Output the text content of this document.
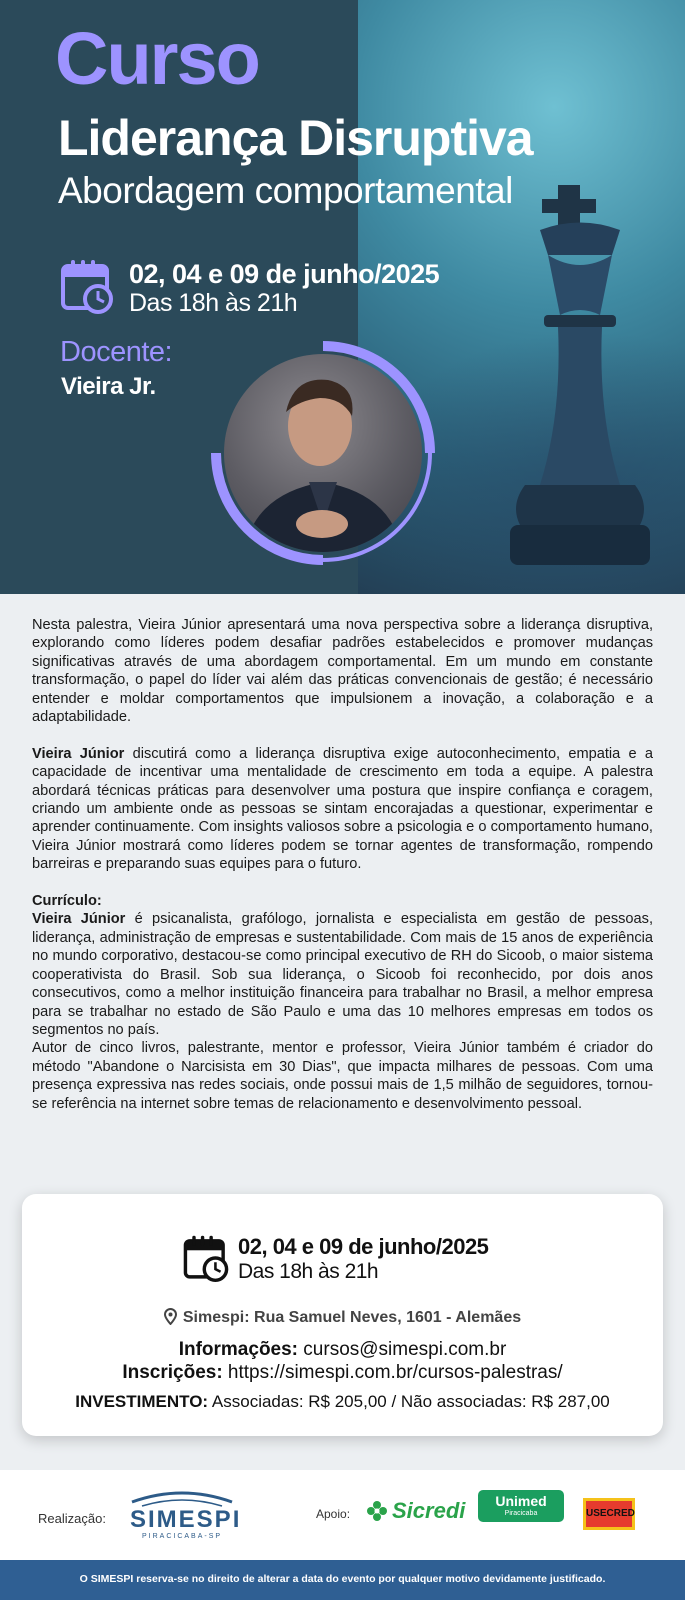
Curso
Liderança Disruptiva
Abordagem comportamental
02, 04 e 09 de junho/2025
Das 18h às 21h
Docente:
Vieira Jr.

Nesta palestra, Vieira Júnior apresentará uma nova perspectiva sobre a liderança disruptiva, explorando como líderes podem desafiar padrões estabelecidos e promover mudanças significativas através de uma abordagem comportamental. Em um mundo em constante transformação, o papel do líder vai além das práticas convencionais de gestão; é necessário entender e moldar comportamentos que impulsionem a inovação, a colaboração e a adaptabilidade.

Vieira Júnior discutirá como a liderança disruptiva exige autoconhecimento, empatia e a capacidade de incentivar uma mentalidade de crescimento em toda a equipe. A palestra abordará técnicas práticas para desenvolver uma postura que inspire confiança e coragem, criando um ambiente onde as pessoas se sintam encorajadas a questionar, experimentar e aprender continuamente. Com insights valiosos sobre a psicologia e o comportamento humano, Vieira Júnior mostrará como líderes podem se tornar agentes de transformação, rompendo barreiras e preparando suas equipes para o futuro.

Currículo:
Vieira Júnior é psicanalista, grafólogo, jornalista e especialista em gestão de pessoas, liderança, administração de empresas e sustentabilidade. Com mais de 15 anos de experiência no mundo corporativo, destacou-se como principal executivo de RH do Sicoob, o maior sistema cooperativista do Brasil. Sob sua liderança, o Sicoob foi reconhecido, por dois anos consecutivos, como a melhor instituição financeira para trabalhar no Brasil, a melhor empresa para se trabalhar no estado de São Paulo e uma das 10 melhores empresas em todos os segmentos no país.
Autor de cinco livros, palestrante, mentor e professor, Vieira Júnior também é criador do método "Abandone o Narcisista em 30 Dias", que impacta milhares de pessoas. Com uma presença expressiva nas redes sociais, onde possui mais de 1,5 milhão de seguidores, tornou-se referência na internet sobre temas de relacionamento e desenvolvimento pessoal.
02, 04 e 09 de junho/2025
Das 18h às 21h
Simespi: Rua Samuel Neves, 1601 - Alemães
Informações: cursos@simespi.com.br
Inscrições: https://simespi.com.br/cursos-palestras/
INVESTIMENTO: Associadas: R$ 205,00 / Não associadas: R$ 287,00
Realização: SIMESPI
PIRACICABA-SP
Apoio:	Sicredi	Unimed
Piracicaba	USECRED
O SIMESPI reserva-se no direito de alterar a data do evento por qualquer motivo devidamente justificado.
